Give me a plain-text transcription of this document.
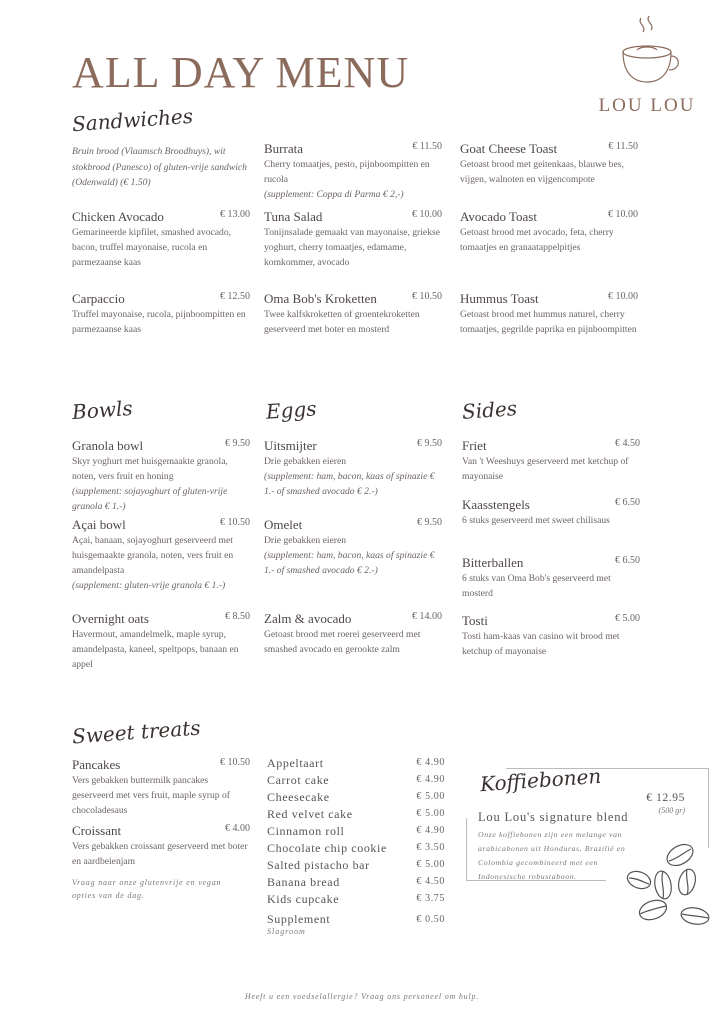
ALL DAY MENU
LOU LOU
Sandwiches
Bowls	Eggs	Sides
Sweet treats
Bruin brood (Vlaamsch Broodhuys), wit stokbrood (Panesco) of gluten-vrije sandwich (Odenwald) (€ 1.50)
Burrata	€ 11.50
Cherry tomaatjes, pesto, pijnboompitten en rucola
(supplement: Coppa di Parma € 2,-)
Goat Cheese Toast	€ 11.50
Getoast brood met geitenkaas, blauwe bes, vijgen, walnoten en vijgencompote
Chicken Avocado	€ 13.00
Gemarineerde kipfilet, smashed avocado, bacon, truffel mayonaise, rucola en parmezaanse kaas
Tuna Salad	€ 10.00
Tonijnsalade gemaakt van mayonaise, griekse yoghurt, cherry tomaatjes, edamame, komkommer, avocado
Avocado Toast	€ 10.00
Getoast brood met avocado, feta, cherry tomaatjes en granaatappelpitjes
Carpaccio	€ 12.50
Truffel mayonaise, rucola, pijnboompitten en parmezaanse kaas
Oma Bob's Kroketten	€ 10.50
Twee kalfskroketten of groentekroketten geserveerd met boter en mosterd
Hummus Toast	€ 10.00
Getoast brood met hummus naturel, cherry tomaatjes, gegrilde paprika en pijnboompitten
Granola bowl	€ 9.50
Skyr yoghurt met huisgemaakte granola, noten, vers fruit en honing
(supplement: sojayoghurt of gluten-vrije granola € 1.-)
Uitsmijter	€ 9.50
Drie gebakken eieren
(supplement: ham, bacon, kaas of spinazie € 1.- of smashed avocado € 2.-)
Friet	€ 4.50
Van 't Weeshuys geserveerd met ketchup of mayonaise
Kaasstengels	€ 6.50
6 stuks geserveerd met sweet chilisaus
Açai bowl	€ 10.50
Açai, banaan, sojayoghurt geserveerd met huisgemaakte granola, noten, vers fruit en amandelpasta
(supplement: gluten-vrije granola € 1.-)
Omelet	€ 9.50
Drie gebakken eieren
(supplement: ham, bacon, kaas of spinazie € 1.- of smashed avocado € 2.-)
Bitterballen	€ 6.50
6 stuks van Oma Bob's geserveerd met mosterd
Overnight oats	€ 8.50
Havermout, amandelmelk, maple syrup, amandelpasta, kaneel, speltpops, banaan en appel
Zalm & avocado	€ 14.00
Getoast brood met roerei geserveerd met smashed avocado en gerookte zalm
Tosti	€ 5.00
Tosti ham-kaas van casino wit brood met ketchup of mayonaise
Pancakes	€ 10.50
Vers gebakken buttermilk pancakes geserveerd met vers fruit, maple syrup of chocoladesaus
Croissant	€ 4.00
Vers gebakken croissant geserveerd met boter en aardbeienjam
Appeltaart	€ 4.90
Carrot cake	€ 4.90
Cheesecake	€ 5.00
Red velvet cake	€ 5.00
Cinnamon roll	€ 4.90
Chocolate chip cookie	€ 3.50
Salted pistacho bar	€ 5.00
Banana bread	€ 4.50
Kids cupcake	€ 3.75
Supplement	€ 0.50
Slagroom
Vraag naar onze glutenvrije en vegan opties van de dag.
Koffiebonen
€ 12.95
(500 gr)
Lou Lou's signature blend
Onze koffiebonen zijn een melange van arabicabonen uit Honduras, Brazilië en Colombia gecombineerd met een Indonesische robustaboon.
Heeft u een voedselallergie? Vraag ons personeel om hulp.
